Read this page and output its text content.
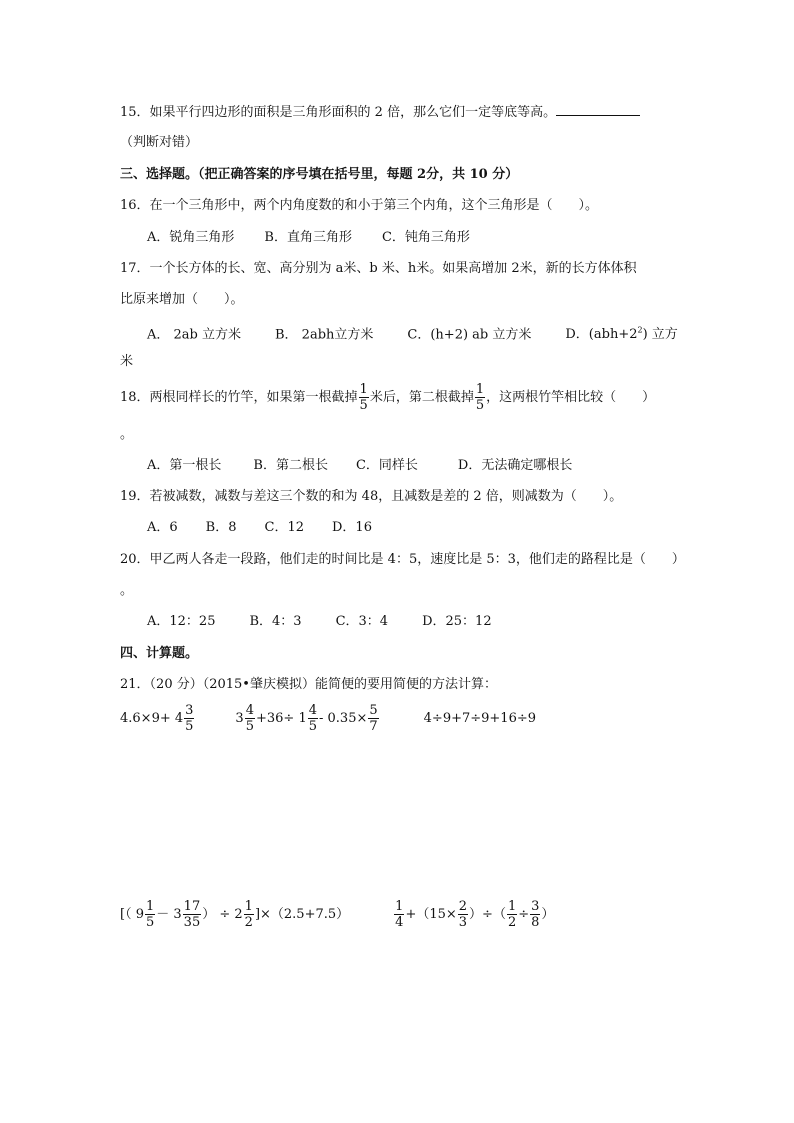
15．如果平行四边形的面积是三角形面积的 2 倍，那么它们一定等底等高。
（判断对错）
三、选择题。（把正确答案的序号填在括号里，每题 2分，共 10 分）
16．在一个三角形中，两个内角度数的和小于第三个内角，这个三角形是（　　）。
A．锐角三角形 B．直角三角形 C．钝角三角形
17．一个长方体的长、宽、高分别为 a米、b 米、h米。如果高增加 2米，新的长方体体积
比原来增加（　　）。
A． 2ab 立方米	B． 2abh立方米	C．(h+2) ab 立方米	D．$(abh+2^2)$ 立方
米
18．两根同样长的竹竿，如果第一根截掉 $\frac{1}{5}$ 米后，第二根截掉 $\frac{1}{5}$ ，这两根竹竿相比较（　　）
。
A．第一根长 B．第二根长 C．同样长	D．无法确定哪根长
19．若被减数，减数与差这三个数的和为 48，且减数是差的 2 倍，则减数为（　　）。
A．6 B．8 C．12 D．16
20．甲乙两人各走一段路，他们走的时间比是 4：5，速度比是 5：3，他们走的路程比是（　　）
。
A．12：25	B．4：3	C．3：4	D．25：12
四、计算题。
21．（20 分）（2015•肇庆模拟）能简便的要用简便的方法计算：
$4.6\times 9+ 4 \frac{3}{5}$	$3 \frac{4}{5} +36\div 1 \frac{4}{5} - 0.35\times \frac{5}{7}$	4÷9+7÷9+16÷9
[（ $9 \frac{1}{5} - 3 \frac{17}{35}$ ） ÷ $2 \frac{1}{2} ]\times(2.5+7.5)$	$\frac{1}{4} +(15\times \frac{2}{3}$ ）÷（ $\frac{1}{2} \div \frac{3}{8}$ ）
